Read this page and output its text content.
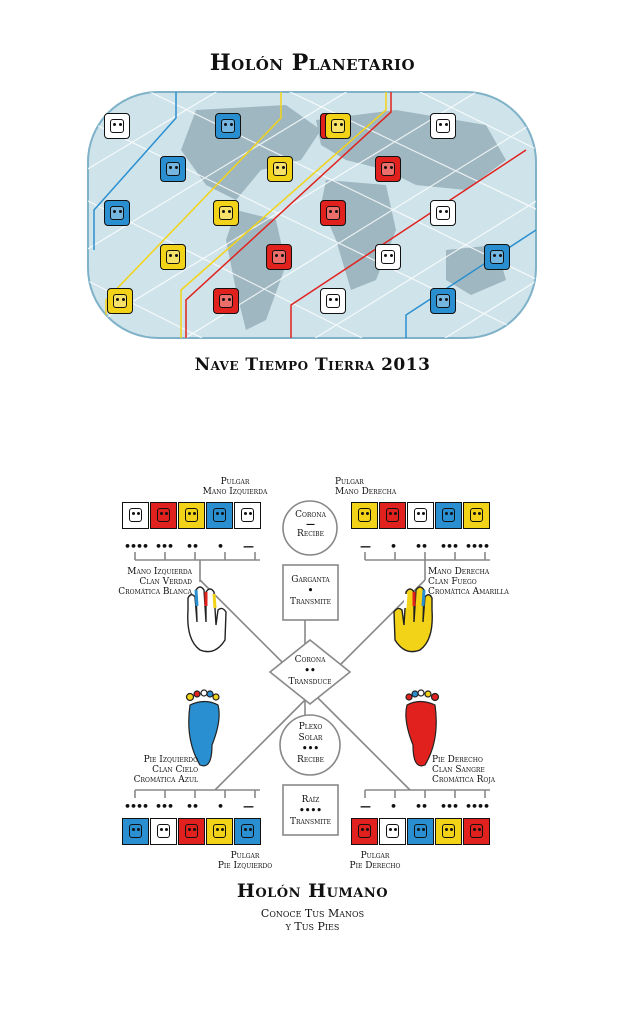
Holón Planetario
Nave Tiempo Tierra 2013
Pulgar
Mano Izquierda
Mano Izquierda
Clan Verdad
Cromática Blanca
Pulgar
Mano Derecha
Mano Derecha
Clan Fuego
Cromática Amarilla
Pie Izquierdo
Clan Cielo
Cromática Azul
Pulgar
Pie Izquierdo
Pie Derecho
Clan Sangre
Cromática Roja
Pulgar
Pie Derecho
Corona
—
Recibe
Garganta
•
Transmite
Corona
••
Transduce
Plexo
Solar
•••
Recibe
Raíz
••••
Transmite
•••• •••	••	•	—	—	•	••	••• ••••
•••• •••	••	•	—	—	•	••	••• ••••
Holón Humano
Conoce Tus Manos
y Tus Pies
